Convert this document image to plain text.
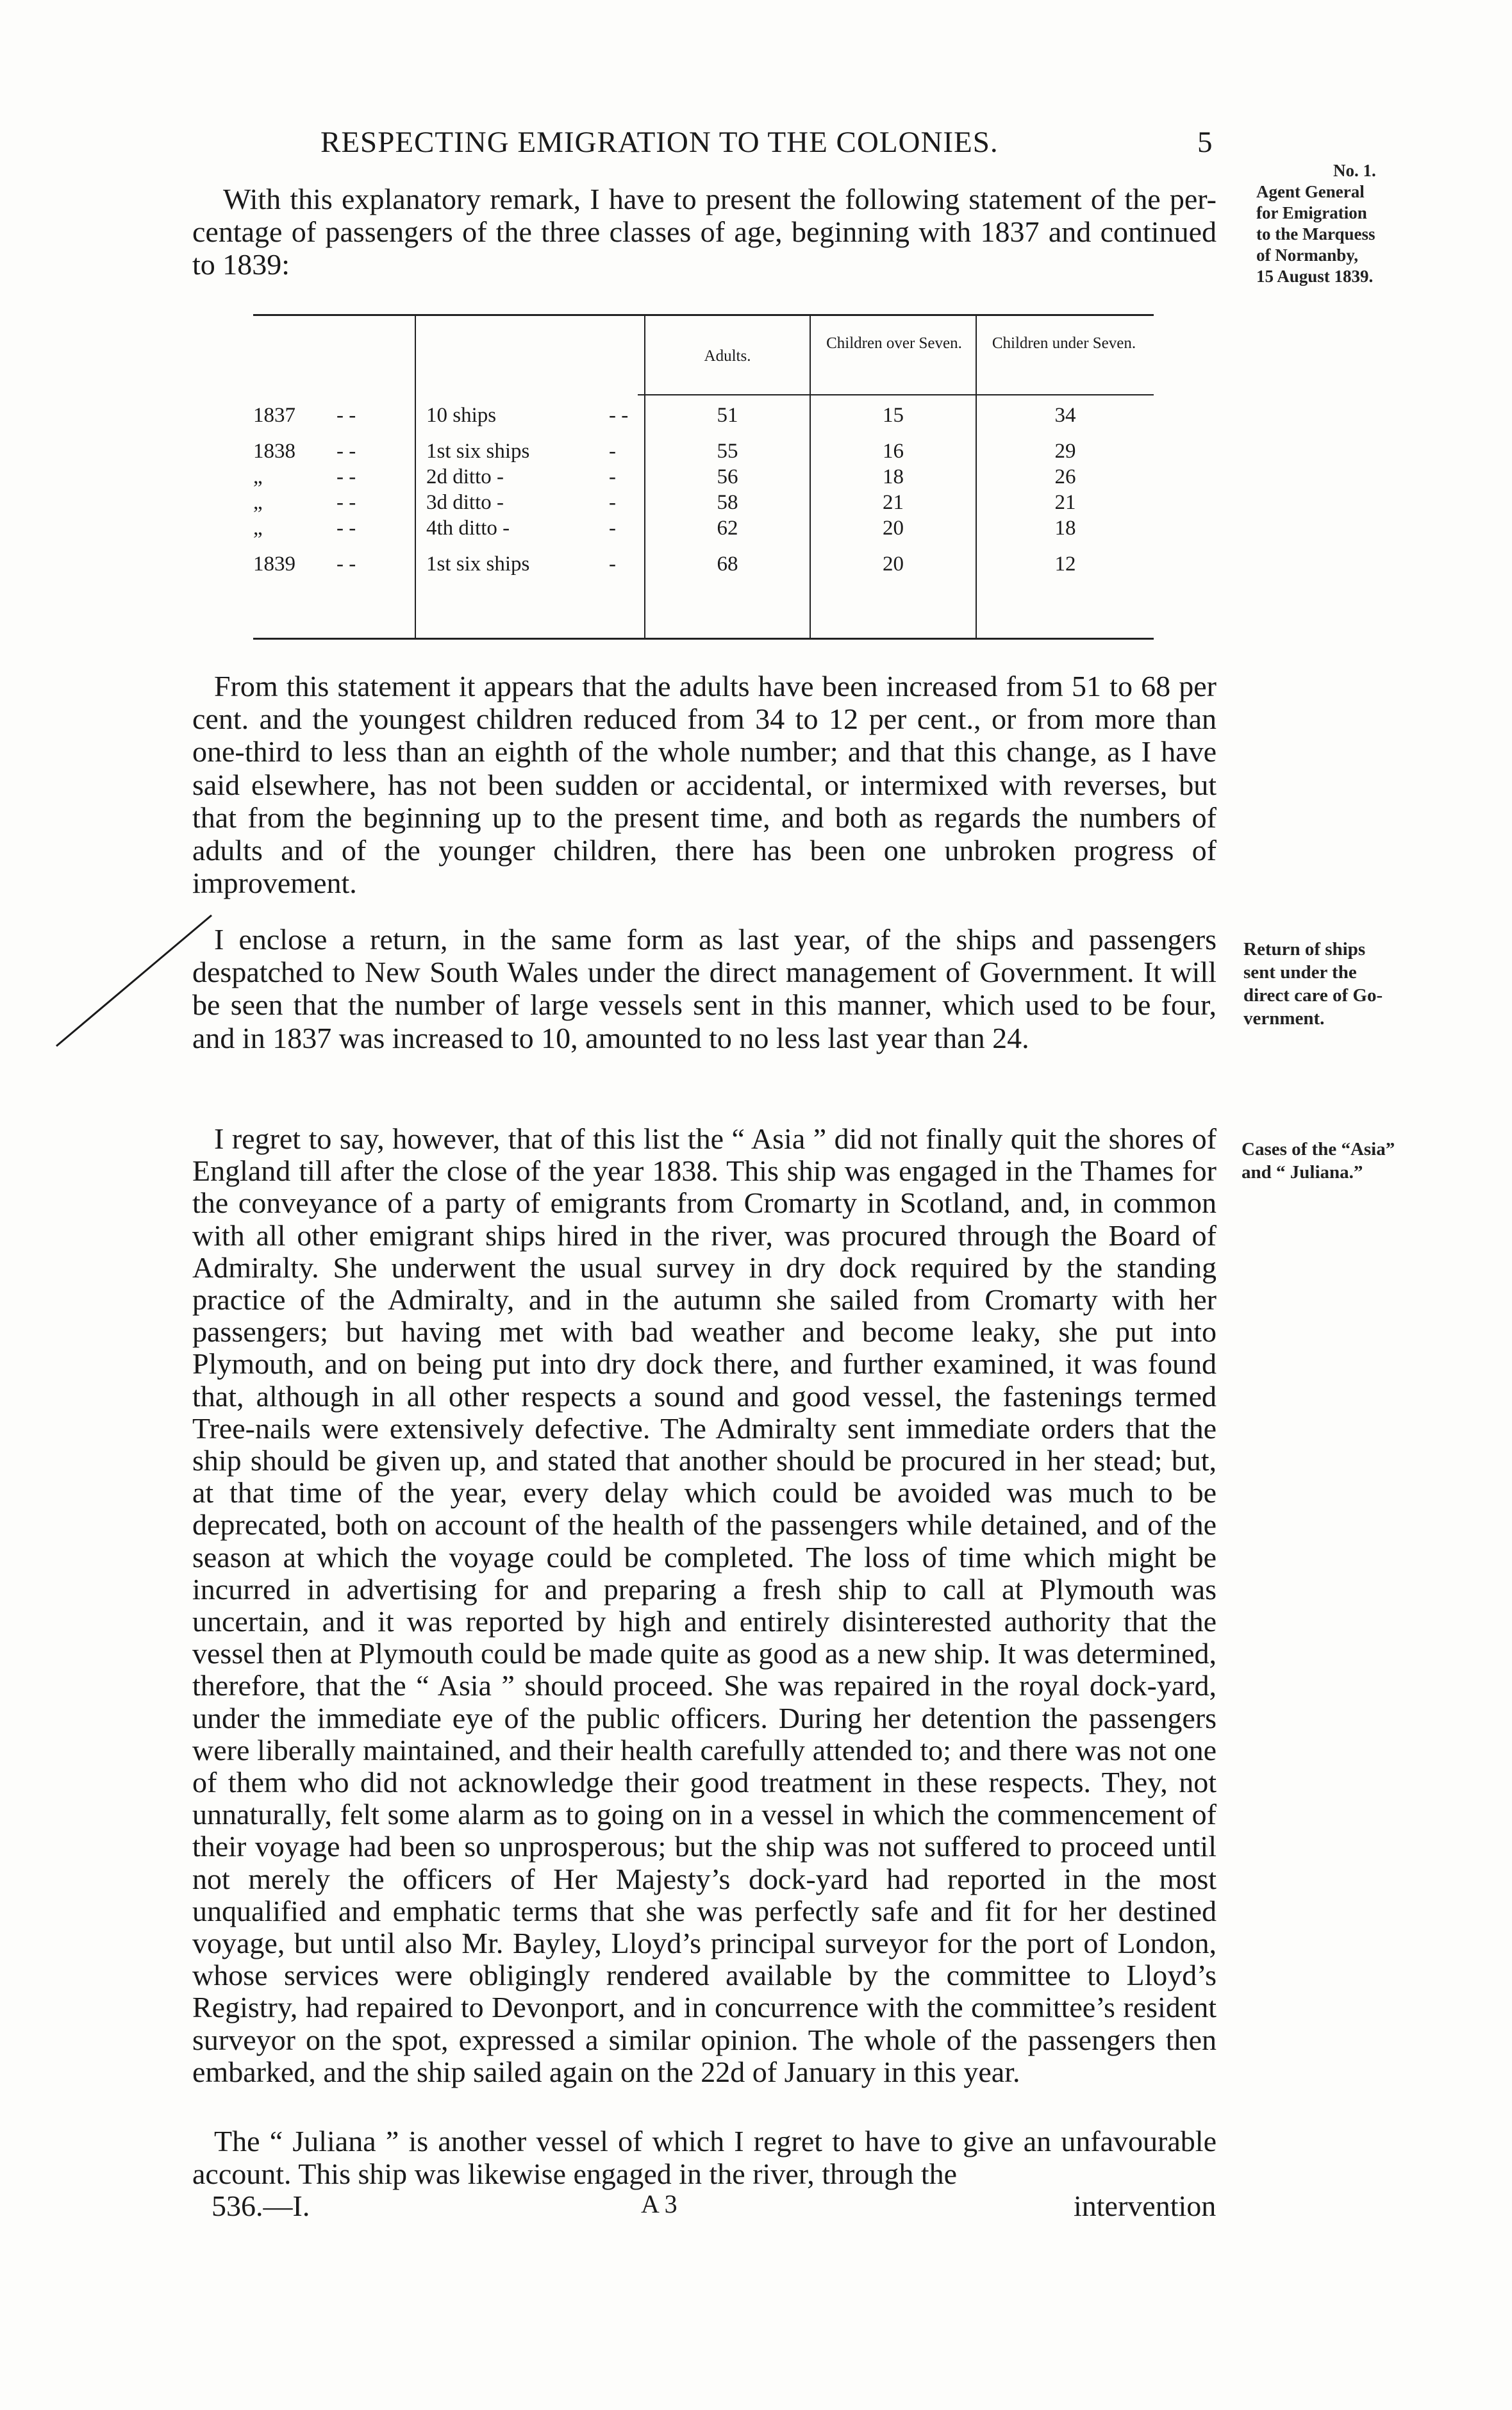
RESPECTING EMIGRATION TO THE COLONIES.	5
No. 1.
Agent General
for Emigration
to the Marquess
of Normanby,
15 August 1839.

With this explanatory remark, I have to present the following statement of the per-centage of passengers of the three classes of age, beginning with 1837 and continued to 1839:

Adults.
Children over Seven. Children under Seven.
1837	- -	10 ships	- -	51	15	34
1838	- -	1st six ships	-	55	16	29
„	- -	2d ditto -	-	56	18	26
„	- -	3d ditto -	-	58	21	21
„	- -	4th ditto -	-	62	20	18
1839	- -	1st six ships	-	68	20	12

From this statement it appears that the adults have been increased from 51 to 68 per cent. and the youngest children reduced from 34 to 12 per cent., or from more than one-third to less than an eighth of the whole number; and that this change, as I have said elsewhere, has not been sudden or accidental, or intermixed with reverses, but that from the beginning up to the present time, and both as regards the numbers of adults and of the younger children, there has been one unbroken progress of improvement.

I enclose a return, in the same form as last year, of the ships and passengers despatched to New South Wales under the direct management of Government. It will be seen that the number of large vessels sent in this manner, which used to be four, and in 1837 was increased to 10, amounted to no less last year than 24.

Return of ships
sent under the
direct care of Go-
vernment.

I regret to say, however, that of this list the “ Asia ” did not finally quit the shores of England till after the close of the year 1838. This ship was engaged in the Thames for the conveyance of a party of emigrants from Cromarty in Scotland, and, in common with all other emigrant ships hired in the river, was procured through the Board of Admiralty. She underwent the usual survey in dry dock required by the standing practice of the Admiralty, and in the autumn she sailed from Cromarty with her passengers; but having met with bad weather and become leaky, she put into Plymouth, and on being put into dry dock there, and further examined, it was found that, although in all other respects a sound and good vessel, the fastenings termed Tree-nails were extensively defective. The Admiralty sent immediate orders that the ship should be given up, and stated that another should be procured in her stead; but, at that time of the year, every delay which could be avoided was much to be deprecated, both on account of the health of the passengers while detained, and of the season at which the voyage could be completed. The loss of time which might be incurred in advertising for and preparing a fresh ship to call at Plymouth was uncertain, and it was reported by high and entirely disinterested authority that the vessel then at Plymouth could be made quite as good as a new ship. It was determined, therefore, that the “ Asia ” should proceed. She was repaired in the royal dock-yard, under the immediate eye of the public officers. During her detention the passengers were liberally maintained, and their health carefully attended to; and there was not one of them who did not acknowledge their good treatment in these respects. They, not unnaturally, felt some alarm as to going on in a vessel in which the commencement of their voyage had been so unprosperous; but the ship was not suffered to proceed until not merely the officers of Her Majesty’s dock-yard had reported in the most unqualified and emphatic terms that she was perfectly safe and fit for her destined voyage, but until also Mr. Bayley, Lloyd’s principal surveyor for the port of London, whose services were obligingly rendered available by the committee to Lloyd’s Registry, had repaired to Devonport, and in concurrence with the committee’s resident surveyor on the spot, expressed a similar opinion. The whole of the passengers then embarked, and the ship sailed again on the 22d of January in this year.

Cases of the “Asia”
and “ Juliana.”

The “ Juliana ” is another vessel of which I regret to have to give an unfavourable account. This ship was likewise engaged in the river, through the

536.—I.	A 3	intervention
